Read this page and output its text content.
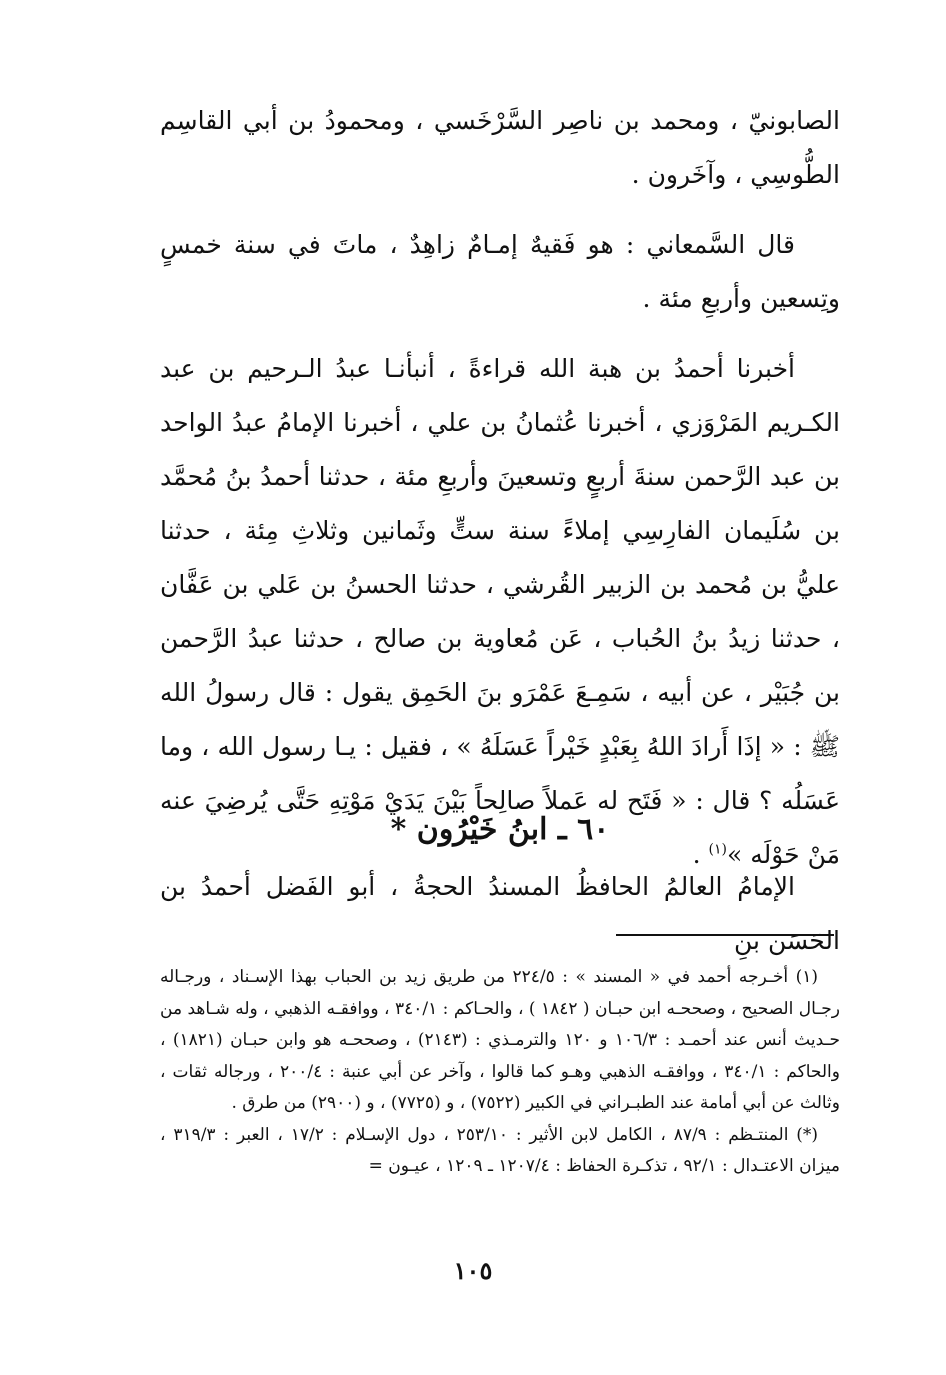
الصابونيّ ، ومحمد بن ناصِر السَّرْخَسي ، ومحمودُ بن أبي القاسِم الطُّوسِي ، وآخَرون .

قال السَّمعاني : هو فَقيهٌ إمـامٌ زاهِدٌ ، ماتَ في سنة خمسٍ وتِسعين وأربعِ مئة .

أخبرنا أحمدُ بن هبة الله قراءةً ، أنبأنـا عبدُ الـرحيم بن عبد الكـريم المَرْوَزي ، أخبرنا عُثمانُ بن علي ، أخبرنا الإمامُ عبدُ الواحد بن عبد الرَّحمن سنةَ أربعٍ وتسعينَ وأربعِ مئة ، حدثنا أحمدُ بنُ مُحمَّد بن سُلَيمان الفارِسِي إملاءً سنة ستٍّ وثَمانين وثلاثِ مِئة ، حدثنا عليُّ بن مُحمد بن الزبير القُرشي ، حدثنا الحسنُ بن عَلي بن عَفَّان ، حدثنا زيدُ بنُ الحُباب ، عَن مُعاوية بن صالح ، حدثنا عبدُ الرَّحمن بن جُبَيْر ، عن أبيه ، سَمِـعَ عَمْرَو بنَ الحَمِق يقول : قال رسولُ الله ﷺ : « إذَا أَرادَ اللهُ بِعَبْدٍ خَيْراً عَسَلَهُ » ، فقيل : يـا رسول الله ، وما عَسَلُه ؟ قال : « فَتَح له عَملاً صالِحاً بَيْنَ يَدَيْ مَوْتِهِ حَتَّى يُرضِيَ عنه مَنْ حَوْلَه »$^{(١)}$ .

٦٠ ـ ابنُ خَيْرُون *
الإمامُ العالمُ الحافظُ المسندُ الحجةُ ، أبو الفَضل أحمدُ بن الحَسَن بنِ

(١) أخـرجه أحمد في « المسند » : ٢٢٤/٥ من طريق زيد بن الحباب بهذا الإسـناد ، ورجـاله رجـال الصحيح ، وصححـه ابن حبـان ( ١٨٤٢ ) ، والحـاكم : ٣٤٠/١ ، ووافقـه الذهبي ، وله شـاهد من حـديث أنس عند أحمـد : ١٠٦/٣ و ١٢٠ والترمـذي : (٢١٤٣) ، وصححـه هو وابن حبـان (١٨٢١) ، والحاكم : ٣٤٠/١ ، ووافقـه الذهبي وهـو كما قالوا ، وآخر عن أبي عنبة : ٢٠٠/٤ ، ورجاله ثقات ، وثالث عن أبي أمامة عند الطبـراني في الكبير (٧٥٢٢) ، و (٧٧٢٥) ، و (٢٩٠٠) من طرق .

(*) المنتـظم : ٨٧/٩ ، الكامل لابن الأثير : ٢٥٣/١٠ ، دول الإسـلام : ١٧/٢ ، العبر : ٣١٩/٣ ، ميزان الاعتـدال : ٩٢/١ ، تذكـرة الحفاظ : ١٢٠٧/٤ ـ ١٢٠٩ ، عيـون =

١٠٥
